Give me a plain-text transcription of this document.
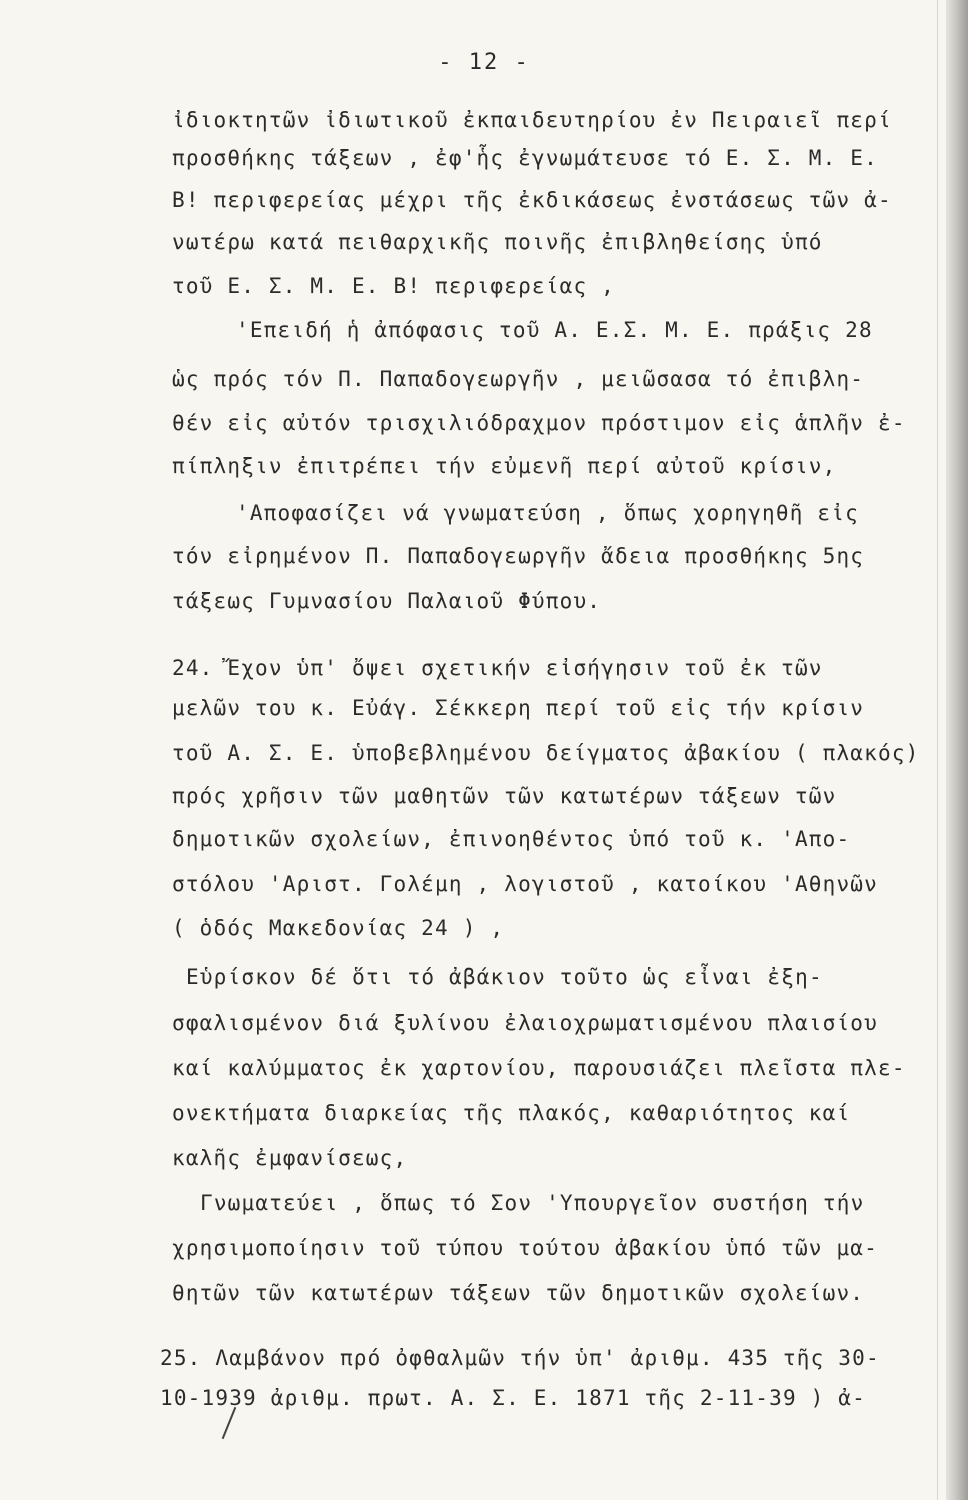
- 12 -
ἰδιοκτητῶν ἰδιωτικοῦ ἐκπαιδευτηρίου ἐν Πειραιεῖ περί
προσθήκης τάξεων , ἐφ'ἧς ἐγνωμάτευσε τό Ε. Σ. Μ. Ε.
Β! περιφερείας μέχρι τῆς ἐκδικάσεως ἐνστάσεως τῶν ἀ-
νωτέρω κατά πειθαρχικῆς ποινῆς ἐπιβληθείσης ὑπό
τοῦ Ε. Σ. Μ. Ε. Β! περιφερείας ,
'Επειδή ἡ ἀπόφασις τοῦ Α. Ε.Σ. Μ. Ε. πράξις 28
ὡς πρός τόν Π. Παπαδογεωργῆν , μειῶσασα τό ἐπιβλη-
θέν εἰς αὐτόν τρισχιλιόδραχμον πρόστιμον εἰς ἁπλῆν ἐ-
πίπληξιν ἐπιτρέπει τήν εὐμενῆ περί αὐτοῦ κρίσιν,
'Αποφασίζει νά γνωματεύση , ὅπως χορηγηθῆ εἰς
τόν εἰρημένον Π. Παπαδογεωργῆν ἄδεια προσθήκης 5ης
τάξεως Γυμνασίου Παλαιοῦ Φύπου.
24. Ἔχον ὑπ' ὄψει σχετικήν εἰσήγησιν τοῦ ἐκ τῶν
μελῶν του κ. Εὐάγ. Σέκκερη περί τοῦ εἰς τήν κρίσιν
τοῦ Α. Σ. Ε. ὑποβεβλημένου δείγματος ἀβακίου ( πλακός)
πρός χρῆσιν τῶν μαθητῶν τῶν κατωτέρων τάξεων τῶν
δημοτικῶν σχολείων, ἐπινοηθέντος ὑπό τοῦ κ. 'Απο-
στόλου 'Αριστ. Γολέμη , λογιστοῦ , κατοίκου 'Αθηνῶν
( ὁδός Μακεδονίας 24 ) ,
Εὑρίσκον δέ ὅτι τό ἀβάκιον τοῦτο ὡς εἶναι ἐξη-
σφαλισμένον διά ξυλίνου ἐλαιοχρωματισμένου πλαισίου
καί καλύμματος ἐκ χαρτονίου, παρουσιάζει πλεῖστα πλε-
ονεκτήματα διαρκείας τῆς πλακός, καθαριότητος καί
καλῆς ἐμφανίσεως,
Γνωματεύει , ὅπως τό Σον 'Υπουργεῖον συστήση τήν
χρησιμοποίησιν τοῦ τύπου τούτου ἀβακίου ὑπό τῶν μα-
θητῶν τῶν κατωτέρων τάξεων τῶν δημοτικῶν σχολείων.
25. Λαμβάνον πρό ὀφθαλμῶν τήν ὑπ' ἀριθμ. 435 τῆς 30-
10-1939 ἀριθμ. πρωτ. Α. Σ. Ε. 1871 τῆς 2-11-39 ) ἀ-
